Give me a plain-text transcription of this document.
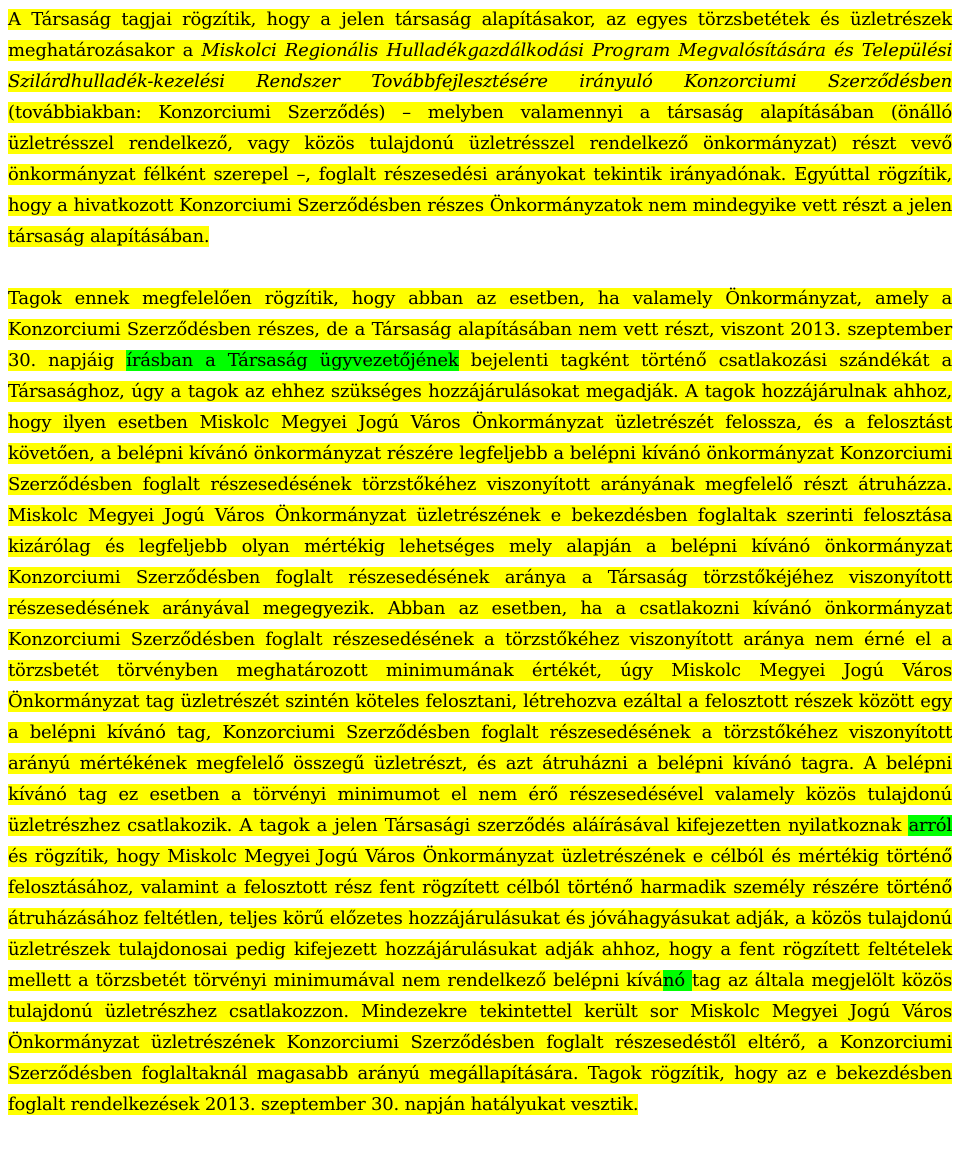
A Társaság tagjai rögzítik, hogy a jelen társaság alapításakor, az egyes törzsbetétek és üzletrészek meghatározásakor a Miskolci Regionális Hulladékgazdálkodási Program Megvalósítására és Települési Szilárdhulladék-kezelési Rendszer Továbbfejlesztésére irányuló Konzorciumi Szerződésben (továbbiakban: Konzorciumi Szerződés) – melyben valamennyi a társaság alapításában (önálló üzletrésszel rendelkező, vagy közös tulajdonú üzletrésszel rendelkező önkormányzat) részt vevő önkormányzat félként szerepel –, foglalt részesedési arányokat tekintik irányadónak. Egyúttal rögzítik, hogy a hivatkozott Konzorciumi Szerződésben részes Önkormányzatok nem mindegyike vett részt a jelen társaság alapításában.

Tagok ennek megfelelően rögzítik, hogy abban az esetben, ha valamely Önkormányzat, amely a Konzorciumi Szerződésben részes, de a Társaság alapításában nem vett részt, viszont 2013. szeptember 30. napjáig írásban a Társaság ügyvezetőjének bejelenti tagként történő csatlakozási szándékát a Társasághoz, úgy a tagok az ehhez szükséges hozzájárulásokat megadják. A tagok hozzájárulnak ahhoz, hogy ilyen esetben Miskolc Megyei Jogú Város Önkormányzat üzletrészét felossza, és a felosztást követően, a belépni kívánó önkormányzat részére legfeljebb a belépni kívánó önkormányzat Konzorciumi Szerződésben foglalt részesedésének törzstőkéhez viszonyított arányának megfelelő részt átruházza. Miskolc Megyei Jogú Város Önkormányzat üzletrészének e bekezdésben foglaltak szerinti felosztása kizárólag és legfeljebb olyan mértékig lehetséges mely alapján a belépni kívánó önkormányzat Konzorciumi Szerződésben foglalt részesedésének aránya a Társaság törzstőkéjéhez viszonyított részesedésének arányával megegyezik. Abban az esetben, ha a csatlakozni kívánó önkormányzat Konzorciumi Szerződésben foglalt részesedésének a törzstőkéhez viszonyított aránya nem érné el a törzsbetét törvényben meghatározott minimumának értékét, úgy Miskolc Megyei Jogú Város Önkormányzat tag üzletrészét szintén köteles felosztani, létrehozva ezáltal a felosztott részek között egy a belépni kívánó tag, Konzorciumi Szerződésben foglalt részesedésének a törzstőkéhez viszonyított arányú mértékének megfelelő összegű üzletrészt, és azt átruházni a belépni kívánó tagra. A belépni kívánó tag ez esetben a törvényi minimumot el nem érő részesedésével valamely közös tulajdonú üzletrészhez csatlakozik. A tagok a jelen Társasági szerződés aláírásával kifejezetten nyilatkoznak arról és rögzítik, hogy Miskolc Megyei Jogú Város Önkormányzat üzletrészének e célból és mértékig történő felosztásához, valamint a felosztott rész fent rögzített célból történő harmadik személy részére történő átruházásához feltétlen, teljes körű előzetes hozzájárulásukat és jóváhagyásukat adják, a közös tulajdonú üzletrészek tulajdonosai pedig kifejezett hozzájárulásukat adják ahhoz, hogy a fent rögzített feltételek mellett a törzsbetét törvényi minimumával nem rendelkező belépni kívánó tag az általa megjelölt közös tulajdonú üzletrészhez csatlakozzon. Mindezekre tekintettel került sor Miskolc Megyei Jogú Város Önkormányzat üzletrészének Konzorciumi Szerződésben foglalt részesedéstől eltérő, a Konzorciumi Szerződésben foglaltaknál magasabb arányú megállapítására. Tagok rögzítik, hogy az e bekezdésben foglalt rendelkezések 2013. szeptember 30. napján hatályukat vesztik.
